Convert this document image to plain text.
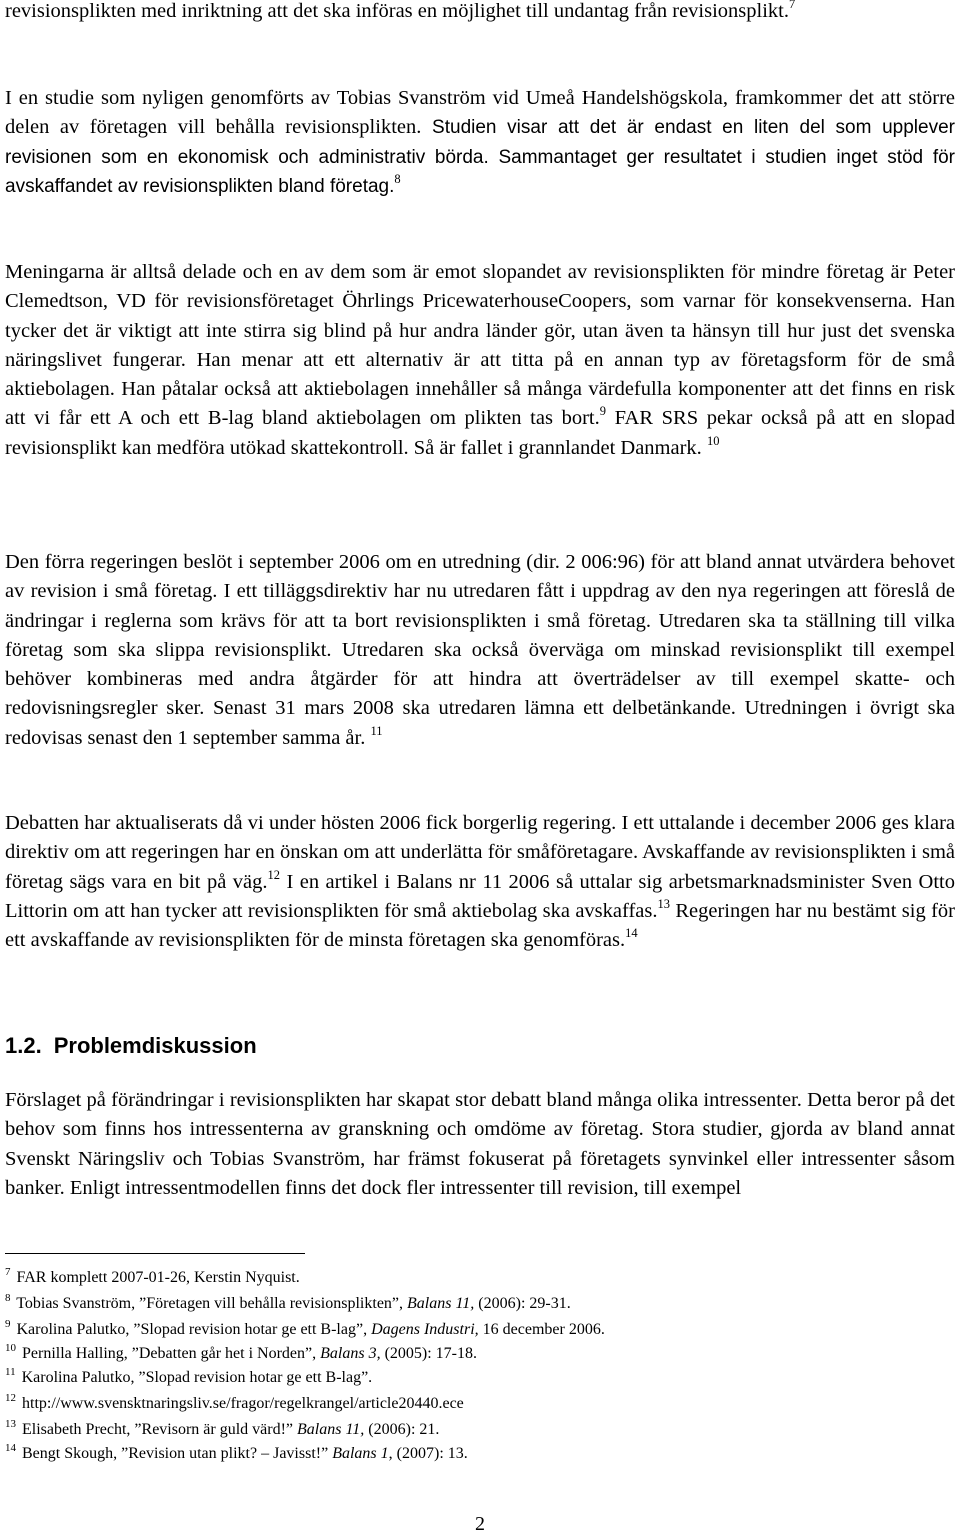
revisionsplikten med inriktning att det ska införas en möjlighet till undantag från revisionsplikt.$^7$

I en studie som nyligen genomförts av Tobias Svanström vid Umeå Handelshögskola, framkommer det att större delen av företagen vill behålla revisionsplikten. Studien visar att det är endast en liten del som upplever revisionen som en ekonomisk och administrativ börda. Sammantaget ger resultatet i studien inget stöd för avskaffandet av revisionsplikten bland företag.$^8$

Meningarna är alltså delade och en av dem som är emot slopandet av revisionsplikten för mindre företag är Peter Clemedtson, VD för revisionsföretaget Öhrlings PricewaterhouseCoopers, som varnar för konsekvenserna. Han tycker det är viktigt att inte stirra sig blind på hur andra länder gör, utan även ta hänsyn till hur just det svenska näringslivet fungerar. Han menar att ett alternativ är att titta på en annan typ av företagsform för de små aktiebolagen. Han påtalar också att aktiebolagen innehåller så många värdefulla komponenter att det finns en risk att vi får ett A och ett B-lag bland aktiebolagen om plikten tas bort.$^9$ FAR SRS pekar också på att en slopad revisionsplikt kan medföra utökad skattekontroll. Så är fallet i grannlandet Danmark. $^{10}$

Den förra regeringen beslöt i september 2006 om en utredning (dir. 2 006:96) för att bland annat utvärdera behovet av revision i små företag. I ett tilläggsdirektiv har nu utredaren fått i uppdrag av den nya regeringen att föreslå de ändringar i reglerna som krävs för att ta bort revisionsplikten i små företag. Utredaren ska ta ställning till vilka företag som ska slippa revisionsplikt. Utredaren ska också överväga om minskad revisionsplikt till exempel behöver kombineras med andra åtgärder för att hindra att överträdelser av till exempel skatte- och redovisningsregler sker. Senast 31 mars 2008 ska utredaren lämna ett delbetänkande. Utredningen i övrigt ska redovisas senast den 1 september samma år. $^{11}$

Debatten har aktualiserats då vi under hösten 2006 fick borgerlig regering. I ett uttalande i december 2006 ges klara direktiv om att regeringen har en önskan om att underlätta för småföretagare. Avskaffande av revisionsplikten i små företag sägs vara en bit på väg.$^{12}$ I en artikel i Balans nr 11 2006 så uttalar sig arbetsmarknadsminister Sven Otto Littorin om att han tycker att revisionsplikten för små aktiebolag ska avskaffas.$^{13}$ Regeringen har nu bestämt sig för ett avskaffande av revisionsplikten för de minsta företagen ska genomföras.$^{14}$

1.2. Problemdiskussion

Förslaget på förändringar i revisionsplikten har skapat stor debatt bland många olika intressenter. Detta beror på det behov som finns hos intressenterna av granskning och omdöme av företag. Stora studier, gjorda av bland annat Svenskt Näringsliv och Tobias Svanström, har främst fokuserat på företagets synvinkel eller intressenter såsom banker. Enligt intressentmodellen finns det dock fler intressenter till revision, till exempel

$^7$ FAR komplett 2007-01-26, Kerstin Nyquist.

$^8$ Tobias Svanström, ”Företagen vill behålla revisionsplikten”, Balans 11, (2006): 29-31.

$^9$ Karolina Palutko, ”Slopad revision hotar ge ett B-lag”, Dagens Industri, 16 december 2006.

$^{10}$ Pernilla Halling, ”Debatten går het i Norden”, Balans 3, (2005): 17-18.

$^{11}$ Karolina Palutko, ”Slopad revision hotar ge ett B-lag”.

$^{12}$ http://www.svensktnaringsliv.se/fragor/regelkrangel/article20440.ece

$^{13}$ Elisabeth Precht, ”Revisorn är guld värd!” Balans 11, (2006): 21.

$^{14}$ Bengt Skough, ”Revision utan plikt? – Javisst!” Balans 1, (2007): 13.

2
